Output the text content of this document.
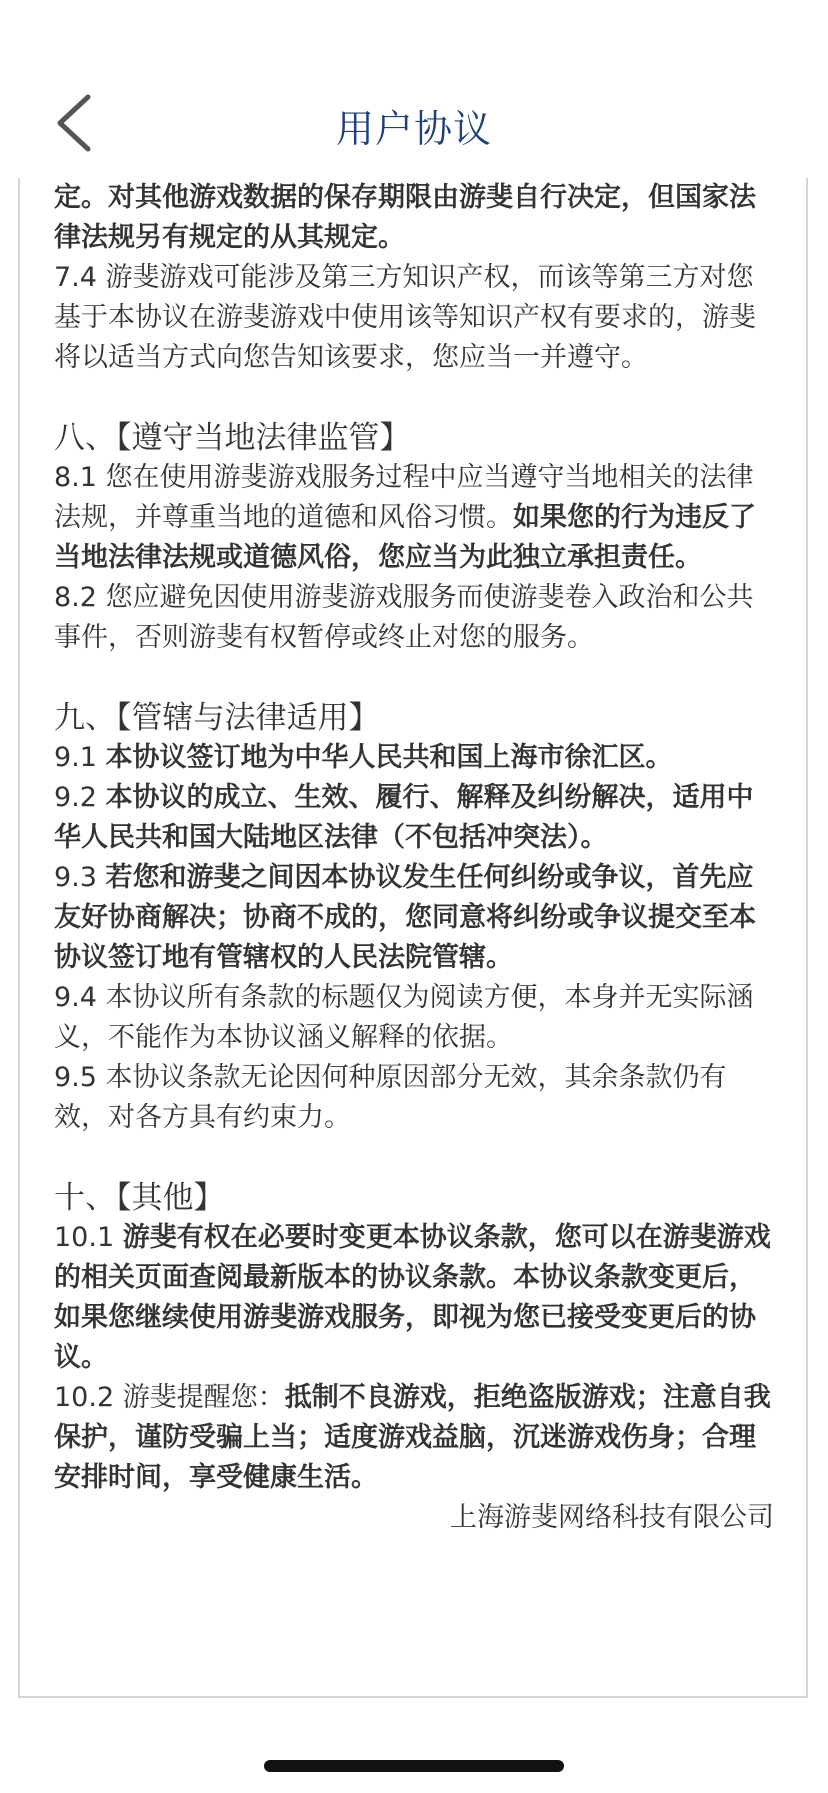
用户协议

定。对其他游戏数据的保存期限由游斐自行决定，但国家法律法规另有规定的从其规定。

7.4 游斐游戏可能涉及第三方知识产权，而该等第三方对您基于本协议在游斐游戏中使用该等知识产权有要求的，游斐将以适当方式向您告知该要求，您应当一并遵守。

八、【遵守当地法律监管】

8.1 您在使用游斐游戏服务过程中应当遵守当地相关的法律法规，并尊重当地的道德和风俗习惯。如果您的行为违反了当地法律法规或道德风俗，您应当为此独立承担责任。

8.2 您应避免因使用游斐游戏服务而使游斐卷入政治和公共事件，否则游斐有权暂停或终止对您的服务。

九、【管辖与法律适用】

9.1 本协议签订地为中华人民共和国上海市徐汇区。

9.2 本协议的成立、生效、履行、解释及纠纷解决，适用中华人民共和国大陆地区法律（不包括冲突法）。

9.3 若您和游斐之间因本协议发生任何纠纷或争议，首先应友好协商解决；协商不成的，您同意将纠纷或争议提交至本协议签订地有管辖权的人民法院管辖。

9.4 本协议所有条款的标题仅为阅读方便，本身并无实际涵义，不能作为本协议涵义解释的依据。

9.5 本协议条款无论因何种原因部分无效，其余条款仍有效，对各方具有约束力。

十、【其他】

10.1 游斐有权在必要时变更本协议条款，您可以在游斐游戏的相关页面查阅最新版本的协议条款。本协议条款变更后，如果您继续使用游斐游戏服务，即视为您已接受变更后的协议。

10.2 游斐提醒您：抵制不良游戏，拒绝盗版游戏；注意自我保护，谨防受骗上当；适度游戏益脑，沉迷游戏伤身；合理安排时间，享受健康生活。

上海游斐网络科技有限公司
